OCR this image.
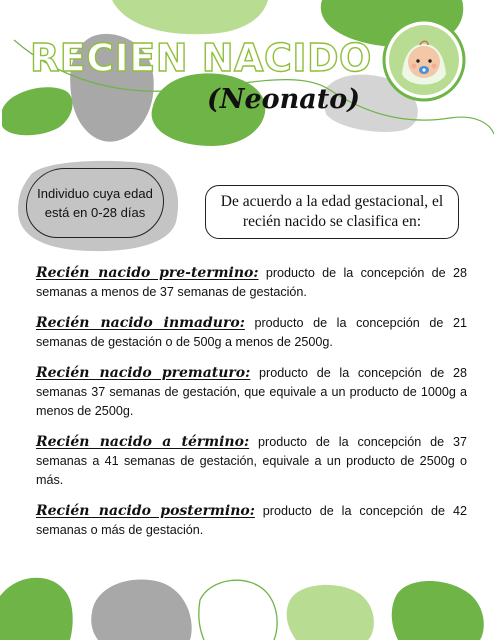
RECIEN NACIDO
(Neonato)
Individuo cuya edad está en 0-28 días
De acuerdo a la edad gestacional, el recién nacido se clasifica en:

Recién nacido pre-termino: producto de la concepción de 28 semanas a menos de 37 semanas de gestación.

Recién nacido inmaduro: producto de la concepción de 21 semanas de gestación o de 500g a menos de 2500g.

Recién nacido prematuro: producto de la concepción de 28 semanas 37 semanas de gestación, que equivale a un producto de 1000g a menos de 2500g.

Recién nacido a término: producto de la concepción de 37 semanas a 41 semanas de gestación, equivale a un producto de 2500g o más.

Recién nacido postermino: producto de la concepción de 42 semanas o más de gestación.
